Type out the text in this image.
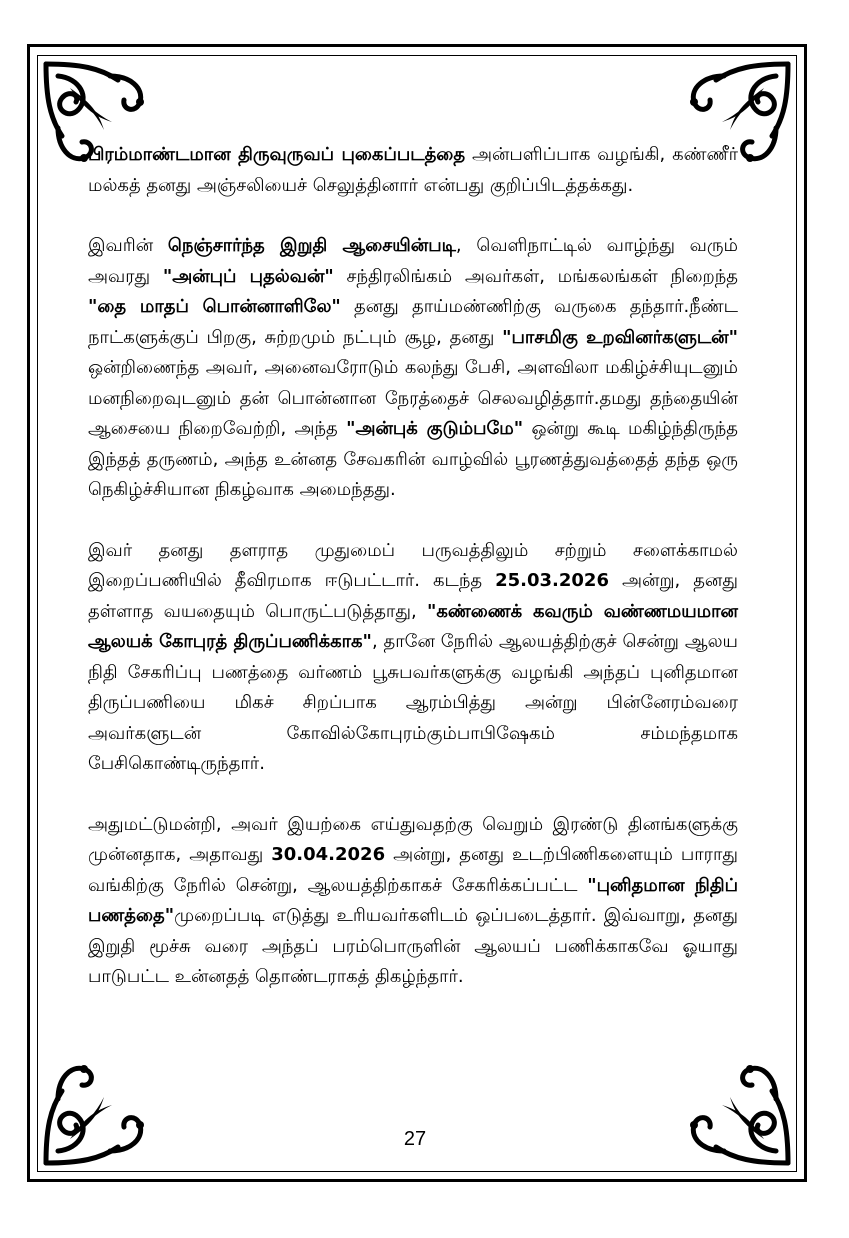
பிரம்மாண்டமான திருவுருவப் புகைப்படத்தை அன்பளிப்பாக வழங்கி, கண்ணீர் மல்கத் தனது அஞ்சலியைச் செலுத்தினார் என்பது குறிப்பிடத்தக்கது.

இவரின் நெஞ்சார்ந்த இறுதி ஆசையின்படி, வெளிநாட்டில் வாழ்ந்து வரும் அவரது "அன்புப் புதல்வன்" சந்திரலிங்கம் அவர்கள், மங்கலங்கள் நிறைந்த "தை மாதப் பொன்னாளிலே" தனது தாய்மண்ணிற்கு வருகை தந்தார்.நீண்ட நாட்களுக்குப் பிறகு, சுற்றமும் நட்பும் சூழ, தனது "பாசமிகு உறவினர்களுடன்" ஒன்றிணைந்த அவர், அனைவரோடும் கலந்து பேசி, அளவிலா மகிழ்ச்சியுடனும் மனநிறைவுடனும் தன் பொன்னான நேரத்தைச் செலவழித்தார்.தமது தந்தையின் ஆசையை நிறைவேற்றி, அந்த "அன்புக் குடும்பமே" ஒன்று கூடி மகிழ்ந்திருந்த இந்தத் தருணம், அந்த உன்னத சேவகரின் வாழ்வில் பூரணத்துவத்தைத் தந்த ஒரு நெகிழ்ச்சியான நிகழ்வாக அமைந்தது.

இவர் தனது தளராத முதுமைப் பருவத்திலும் சற்றும் சளைக்காமல் இறைப்பணியில் தீவிரமாக ஈடுபட்டார். கடந்த 25.03.2026 அன்று, தனது தள்ளாத வயதையும் பொருட்படுத்தாது, "கண்ணைக் கவரும் வண்ணமயமான ஆலயக் கோபுரத் திருப்பணிக்காக", தானே நேரில் ஆலயத்திற்குச் சென்று ஆலய நிதி சேகரிப்பு பணத்தை வர்ணம் பூசுபவர்களுக்கு வழங்கி அந்தப் புனிதமான திருப்பணியை மிகச் சிறப்பாக ஆரம்பித்து அன்று பின்னேரம்வரை அவர்களுடன் கோவில்கோபுரம்கும்பாபிஷேகம் சம்மந்தமாக பேசிகொண்டிருந்தார்.

அதுமட்டுமன்றி, அவர் இயற்கை எய்துவதற்கு வெறும் இரண்டு தினங்களுக்கு முன்னதாக, அதாவது 30.04.2026 அன்று, தனது உடற்பிணிகளையும் பாராது வங்கிற்கு நேரில் சென்று, ஆலயத்திற்காகச் சேகரிக்கப்பட்ட "புனிதமான நிதிப் பணத்தை"முறைப்படி எடுத்து உரியவர்களிடம் ஒப்படைத்தார். இவ்வாறு, தனது இறுதி மூச்சு வரை அந்தப் பரம்பொருளின் ஆலயப் பணிக்காகவே ஓயாது பாடுபட்ட உன்னதத் தொண்டராகத் திகழ்ந்தார்.

27
